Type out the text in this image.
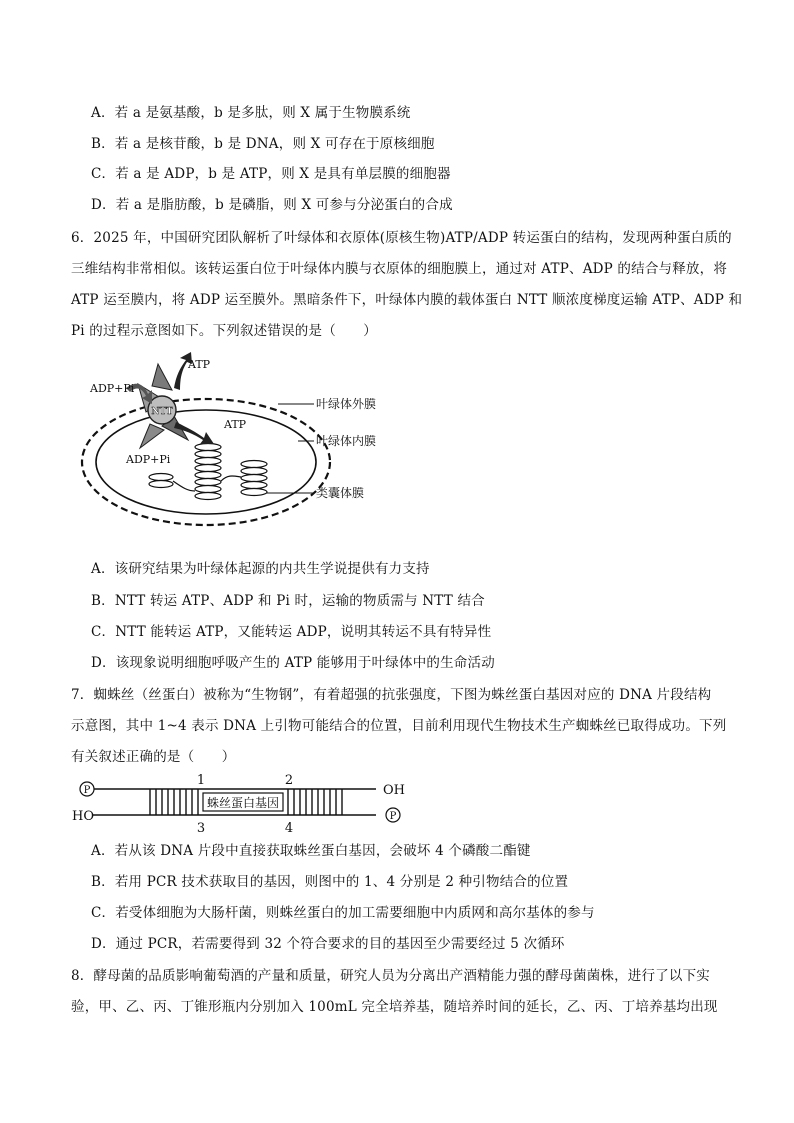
A．若 a 是氨基酸，b 是多肽，则 X 属于生物膜系统
B．若 a 是核苷酸，b 是 DNA，则 X 可存在于原核细胞
C．若 a 是 ADP，b 是 ATP，则 X 是具有单层膜的细胞器
D．若 a 是脂肪酸，b 是磷脂，则 X 可参与分泌蛋白的合成
6．2025 年，中国研究团队解析了叶绿体和衣原体(原核生物)ATP/ADP 转运蛋白的结构，发现两种蛋白质的
三维结构非常相似。该转运蛋白位于叶绿体内膜与衣原体的细胞膜上，通过对 ATP、ADP 的结合与释放，将
ATP 运至膜内，将 ADP 运至膜外。黑暗条件下，叶绿体内膜的载体蛋白 NTT 顺浓度梯度运输 ATP、ADP 和
Pi 的过程示意图如下。下列叙述错误的是（　　）
NTT
ATP
ADP+Pi
ATP
ADP+Pi
叶绿体外膜
叶绿体内膜
类囊体膜
A．该研究结果为叶绿体起源的内共生学说提供有力支持
B．NTT 转运 ATP、ADP 和 Pi 时，运输的物质需与 NTT 结合
C．NTT 能转运 ATP，又能转运 ADP，说明其转运不具有特异性
D．该现象说明细胞呼吸产生的 ATP 能够用于叶绿体中的生命活动
7．蜘蛛丝（丝蛋白）被称为“生物钢”，有着超强的抗张强度，下图为蛛丝蛋白基因对应的 DNA 片段结构
示意图，其中 1~4 表示 DNA 上引物可能结合的位置，目前利用现代生物技术生产蜘蛛丝已取得成功。下列
有关叙述正确的是（　　）
蛛丝蛋白基因
P
P
OH
HO
1	2
3	4
A．若从该 DNA 片段中直接获取蛛丝蛋白基因，会破坏 4 个磷酸二酯键
B．若用 PCR 技术获取目的基因，则图中的 1、4 分别是 2 种引物结合的位置
C．若受体细胞为大肠杆菌，则蛛丝蛋白的加工需要细胞中内质网和高尔基体的参与
D．通过 PCR，若需要得到 32 个符合要求的目的基因至少需要经过 5 次循环
8．酵母菌的品质影响葡萄酒的产量和质量，研究人员为分离出产酒精能力强的酵母菌菌株，进行了以下实
验，甲、乙、丙、丁锥形瓶内分别加入 100mL 完全培养基，随培养时间的延长，乙、丙、丁培养基均出现
